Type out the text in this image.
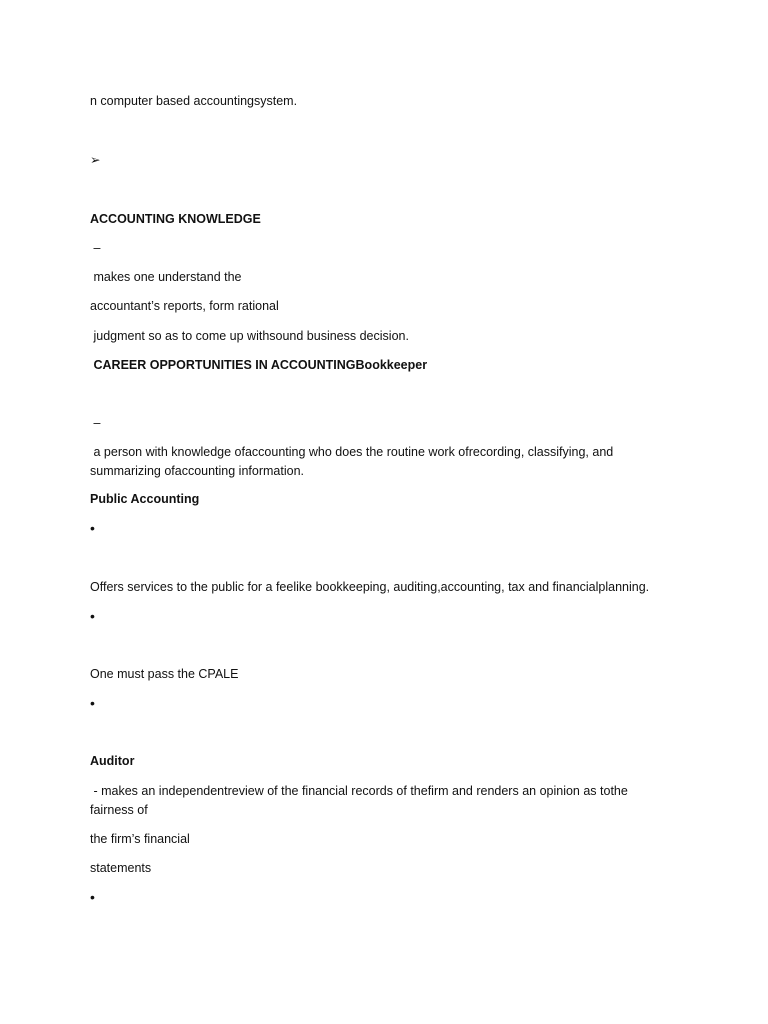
n computer based accountingsystem.
➢
ACCOUNTING KNOWLEDGE
–
makes one understand the
accountant’s reports, form rational
judgment so as to come up withsound business decision.
CAREER OPPORTUNITIES IN ACCOUNTINGBookkeeper
–
a person with knowledge ofaccounting who does the routine work ofrecording, classifying, and summarizing ofaccounting information.
Public Accounting
•
Offers services to the public for a feelike bookkeeping, auditing,accounting, tax and financialplanning.
•
One must pass the CPALE
•
Auditor
- makes an independentreview of the financial records of thefirm and renders an opinion as tothe fairness of
the firm’s financial
statements
•
